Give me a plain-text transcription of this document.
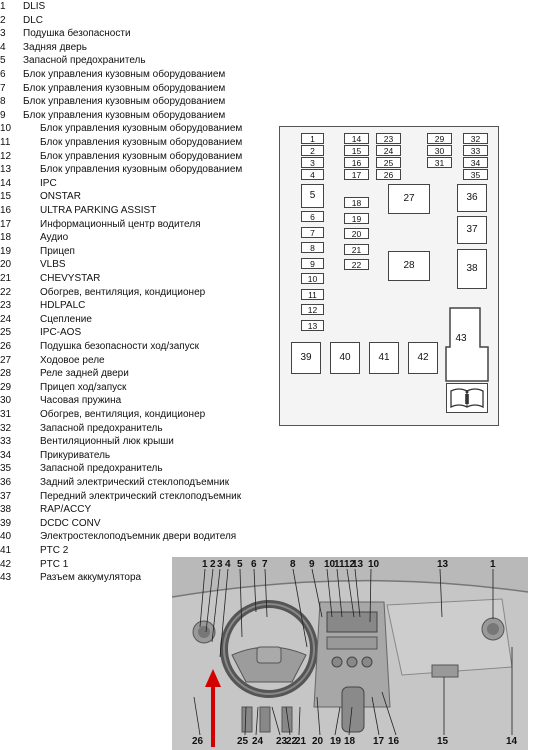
1	DLIS
2	DLC
3	Подушка безопасности
4	Задняя дверь
5	Запасной предохранитель
6	Блок управления кузовным оборудованием
7	Блок управления кузовным оборудованием
8	Блок управления кузовным оборудованием
9	Блок управления кузовным оборудованием
10	Блок управления кузовным оборудованием
11	Блок управления кузовным оборудованием
12	Блок управления кузовным оборудованием
13	Блок управления кузовным оборудованием
14	IPC
15	ONSTAR
16	ULTRA PARKING ASSIST
17	Информационный центр водителя
18	Аудио
19	Прицеп
20	VLBS
21	CHEVYSTAR
22	Обогрев, вентиляция, кондиционер
23	HDLPALC
24	Сцепление
25	IPC-AOS
26	Подушка безопасности ход/запуск
27	Ходовое реле
28	Реле задней двери
29	Прицеп ход/запуск
30	Часовая пружина
31	Обогрев, вентиляция, кондиционер
32	Запасной предохранитель
33	Вентиляционный люк крыши
34	Прикуриватель
35	Запасной предохранитель
36	Задний электрический стеклоподъемник
37	Передний электрический стеклоподъемник
38	RAP/ACCY
39	DCDC CONV
40	Электростеклоподъемник двери водителя
41	PTC 2
42	PTC 1
43	Разъем аккумулятора
1
2
3
4
5
6
7
8
9
10
11
12
13
14
15
16
17
18
19
20
21
22
23
24
25
26
27
28
29
30
31
32
33
34
35
36
37
38
39	40	41	42
43
1 2 3 4 5 6 7 8 9 10
11 12
13 10	13	1
26	25 24 23
22
21 20 19 18 17 16	15	14
